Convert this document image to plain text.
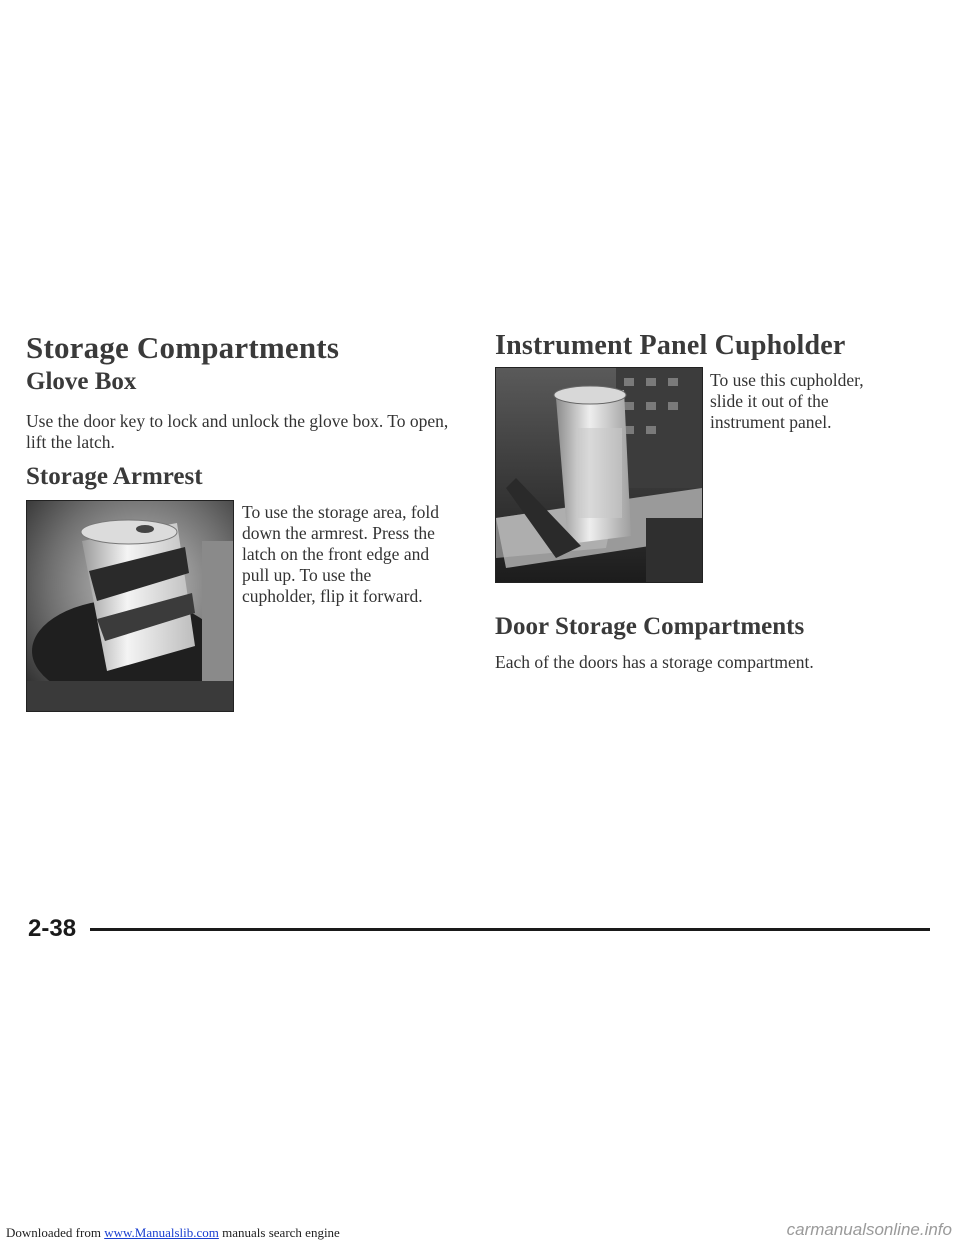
Storage Compartments
Glove Box

Use the door key to lock and unlock the glove box. To open, lift the latch.

Storage Armrest
To use the storage area, fold
down the armrest. Press the
latch on the front edge and
pull up. To use the
cupholder, flip it forward.
Instrument Panel Cupholder
To use this cupholder,
slide it out of the
instrument panel.
Door Storage Compartments

Each of the doors has a storage compartment.

2-38
Downloaded from www.Manualslib.com manuals search engine	carmanualsonline.info
